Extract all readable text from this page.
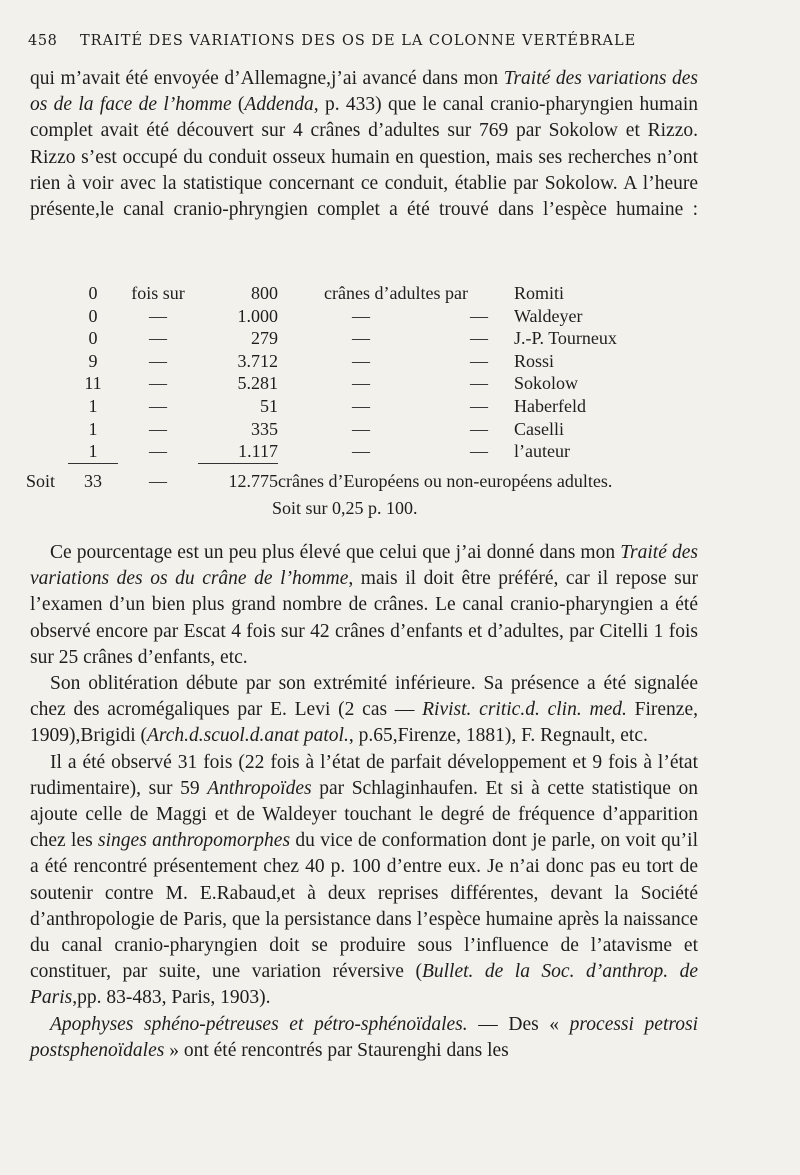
458 TRAITÉ DES VARIATIONS DES OS DE LA COLONNE VERTÉBRALE
qui m’avait été envoyée d’Allemagne,j’ai avancé dans mon Traité des variations des os de la face de l’homme (Addenda, p. 433) que le canal cranio-pharyngien humain complet avait été découvert sur 4 crânes d’adultes sur 769 par Sokolow et Rizzo. Rizzo s’est occupé du conduit osseux humain en question, mais ses recherches n’ont rien à voir avec la statistique concernant ce conduit, établie par Sokolow. A l’heure présente,le canal cranio-phryngien complet a été trouvé dans l’espèce humaine :
	0	fois sur	800	crânes d’adultes par		Romiti
	0	—	1.000	—	—	Waldeyer
	0	—	279	—	—	J.-P. Tourneux
	9	—	3.712	—	—	Rossi
	11	—	5.281	—	—	Sokolow
	1	—	51	—	—	Haberfeld
	1	—	335	—	—	Caselli
	1	—	1.117	—	—	l’auteur
Soit	33	—	12.775	crânes d’Européens ou non-européens adultes.		
Soit sur 0,25 p. 100.
Ce pourcentage est un peu plus élevé que celui que j’ai donné dans mon Traité des variations des os du crâne de l’homme, mais il doit être préféré, car il repose sur l’examen d’un bien plus grand nombre de crânes. Le canal cranio-pharyngien a été observé encore par Escat 4 fois sur 42 crânes d’enfants et d’adultes, par Citelli 1 fois sur 25 crânes d’enfants, etc.
Son oblitération débute par son extrémité inférieure. Sa présence a été signalée chez des acromégaliques par E. Levi (2 cas — Rivist. critic.d. clin. med. Firenze, 1909),Brigidi (Arch.d.scuol.d.anat patol., p.65,Firenze, 1881), F. Regnault, etc.
Il a été observé 31 fois (22 fois à l’état de parfait développement et 9 fois à l’état rudimentaire), sur 59 Anthropoïdes par Schlaginhaufen. Et si à cette statistique on ajoute celle de Maggi et de Waldeyer touchant le degré de fréquence d’apparition chez les singes anthropomorphes du vice de conformation dont je parle, on voit qu’il a été rencontré présentement chez 40 p. 100 d’entre eux. Je n’ai donc pas eu tort de soutenir contre M. E.Rabaud,et à deux reprises différentes, devant la Société d’anthropologie de Paris, que la persistance dans l’espèce humaine après la naissance du canal cranio-pharyngien doit se produire sous l’influence de l’atavisme et constituer, par suite, une variation réversive (Bullet. de la Soc. d’anthrop. de Paris,pp. 83-483, Paris, 1903).
Apophyses sphéno-pétreuses et pétro-sphénoïdales. — Des « processi petrosi postsphenoïdales » ont été rencontrés par Staurenghi dans les
